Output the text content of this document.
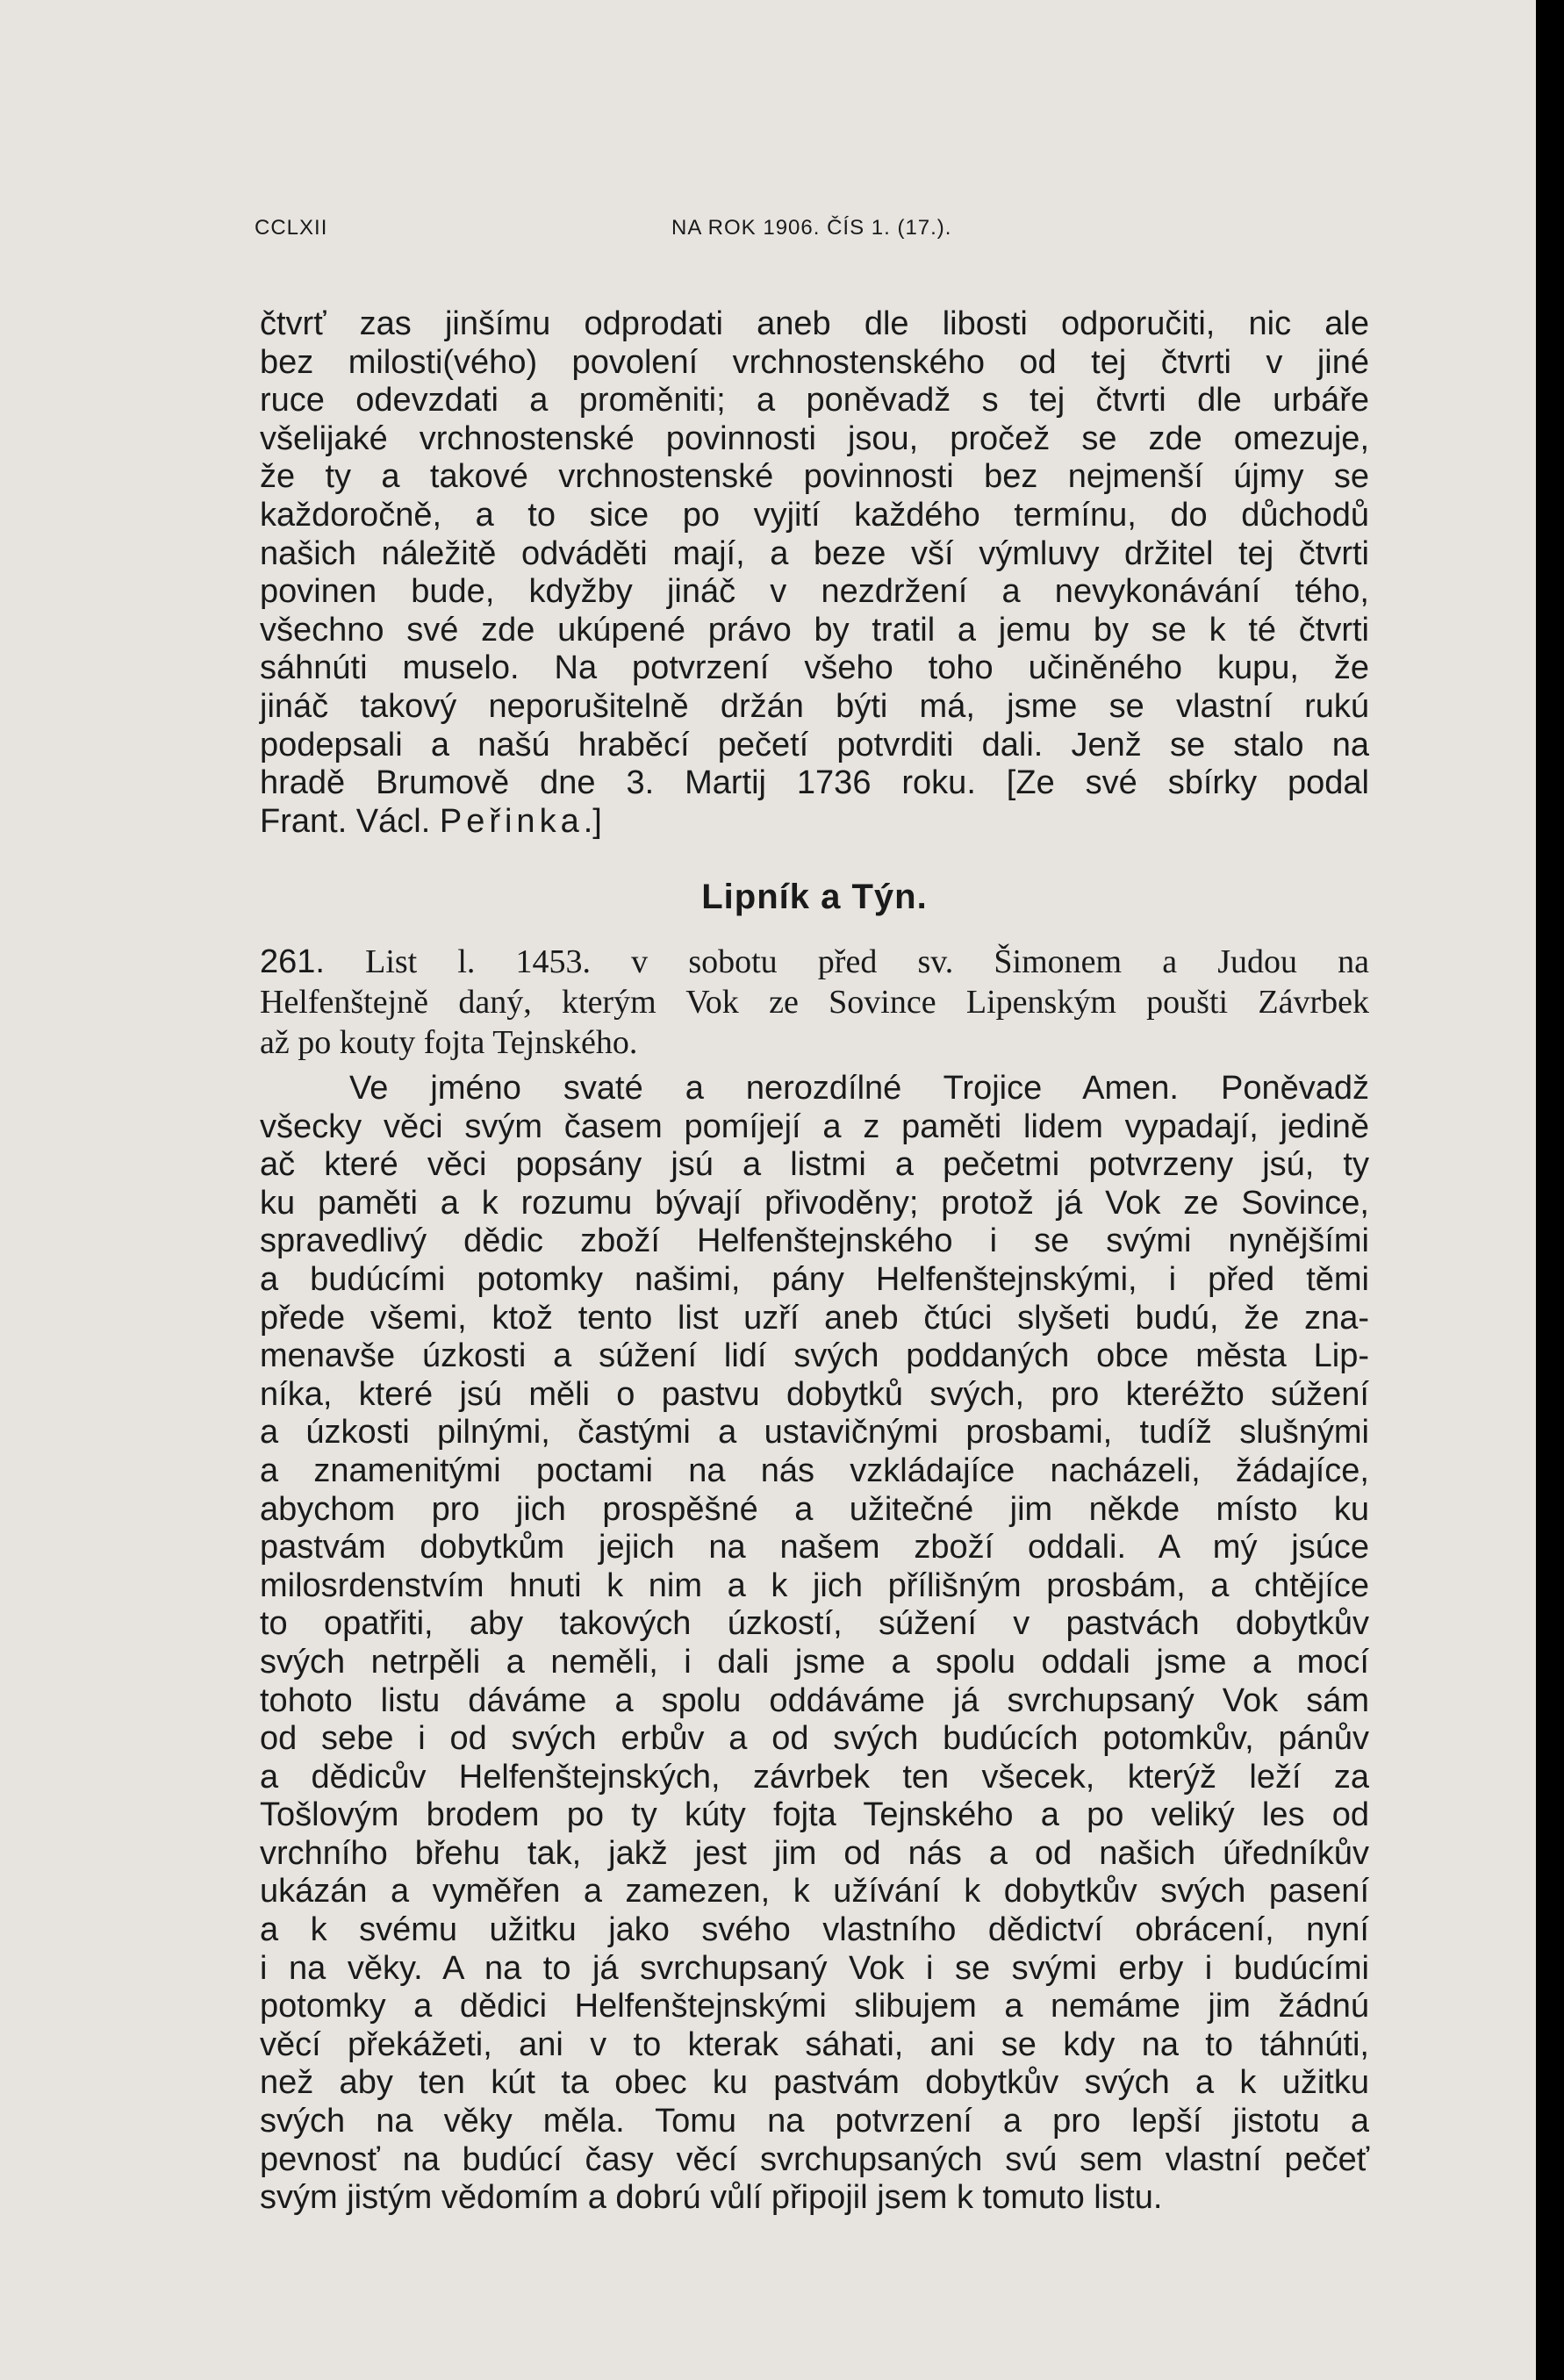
CCLXII	NA ROK 1906. ČÍS 1. (17.).

čtvrť zas jinšímu odprodati aneb dle libosti odporučiti, nic ale

bez milosti(vého) povolení vrchnostenského od tej čtvrti v jiné

ruce odevzdati a proměniti; a poněvadž s tej čtvrti dle urbáře

všelijaké vrchnostenské povinnosti jsou, pročež se zde omezuje,

že ty a takové vrchnostenské povinnosti bez nejmenší újmy se

každoročně, a to sice po vyjití každého termínu, do důchodů

našich náležitě odváděti mají, a beze vší výmluvy držitel tej čtvrti

povinen bude, kdyžby jináč v nezdržení a nevykonávání tého,

všechno své zde ukúpené právo by tratil a jemu by se k té čtvrti

sáhnúti muselo. Na potvrzení všeho toho učiněného kupu, že

jináč takový neporušitelně držán býti má, jsme se vlastní rukú

podepsali a našú hraběcí pečetí potvrditi dali. Jenž se stalo na

hradě Brumově dne 3. Martij 1736 roku. [Ze své sbírky podal

Frant. Václ. Peřinka.]

Lipník a Týn.

261. List l. 1453. v sobotu před sv. Šimonem a Judou na

Helfenštejně daný, kterým Vok ze Sovince Lipenským poušti Závrbek

až po kouty fojta Tejnského.

Ve jméno svaté a nerozdílné Trojice Amen. Poněvadž

všecky věci svým časem pomíjejí a z paměti lidem vypadají, jedině

ač které věci popsány jsú a listmi a pečetmi potvrzeny jsú, ty

ku paměti a k rozumu bývají přivoděny; protož já Vok ze Sovince,

spravedlivý dědic zboží Helfenštejnského i se svými nynějšími

a budúcími potomky našimi, pány Helfenštejnskými, i před těmi

přede všemi, ktož tento list uzří aneb čtúci slyšeti budú, že zna-

menavše úzkosti a súžení lidí svých poddaných obce města Lip-

níka, které jsú měli o pastvu dobytků svých, pro kteréžto súžení

a úzkosti pilnými, častými a ustavičnými prosbami, tudíž slušnými

a znamenitými poctami na nás vzkládajíce nacházeli, žádajíce,

abychom pro jich prospěšné a užitečné jim někde místo ku

pastvám dobytkům jejich na našem zboží oddali. A mý jsúce

milosrdenstvím hnuti k nim a k jich přílišným prosbám, a chtějíce

to opatřiti, aby takových úzkostí, súžení v pastvách dobytkův

svých netrpěli a neměli, i dali jsme a spolu oddali jsme a mocí

tohoto listu dáváme a spolu oddáváme já svrchupsaný Vok sám

od sebe i od svých erbův a od svých budúcích potomkův, pánův

a dědicův Helfenštejnských, závrbek ten všecek, kterýž leží za

Tošlovým brodem po ty kúty fojta Tejnského a po veliký les od

vrchního břehu tak, jakž jest jim od nás a od našich úředníkův

ukázán a vyměřen a zamezen, k užívání k dobytkův svých pasení

a k svému užitku jako svého vlastního dědictví obrácení, nyní

i na věky. A na to já svrchupsaný Vok i se svými erby i budúcími

potomky a dědici Helfenštejnskými slibujem a nemáme jim žádnú

věcí překážeti, ani v to kterak sáhati, ani se kdy na to táhnúti,

než aby ten kút ta obec ku pastvám dobytkův svých a k užitku

svých na věky měla. Tomu na potvrzení a pro lepší jistotu a

pevnosť na budúcí časy věcí svrchupsaných svú sem vlastní pečeť

svým jistým vědomím a dobrú vůlí připojil jsem k tomuto listu.
